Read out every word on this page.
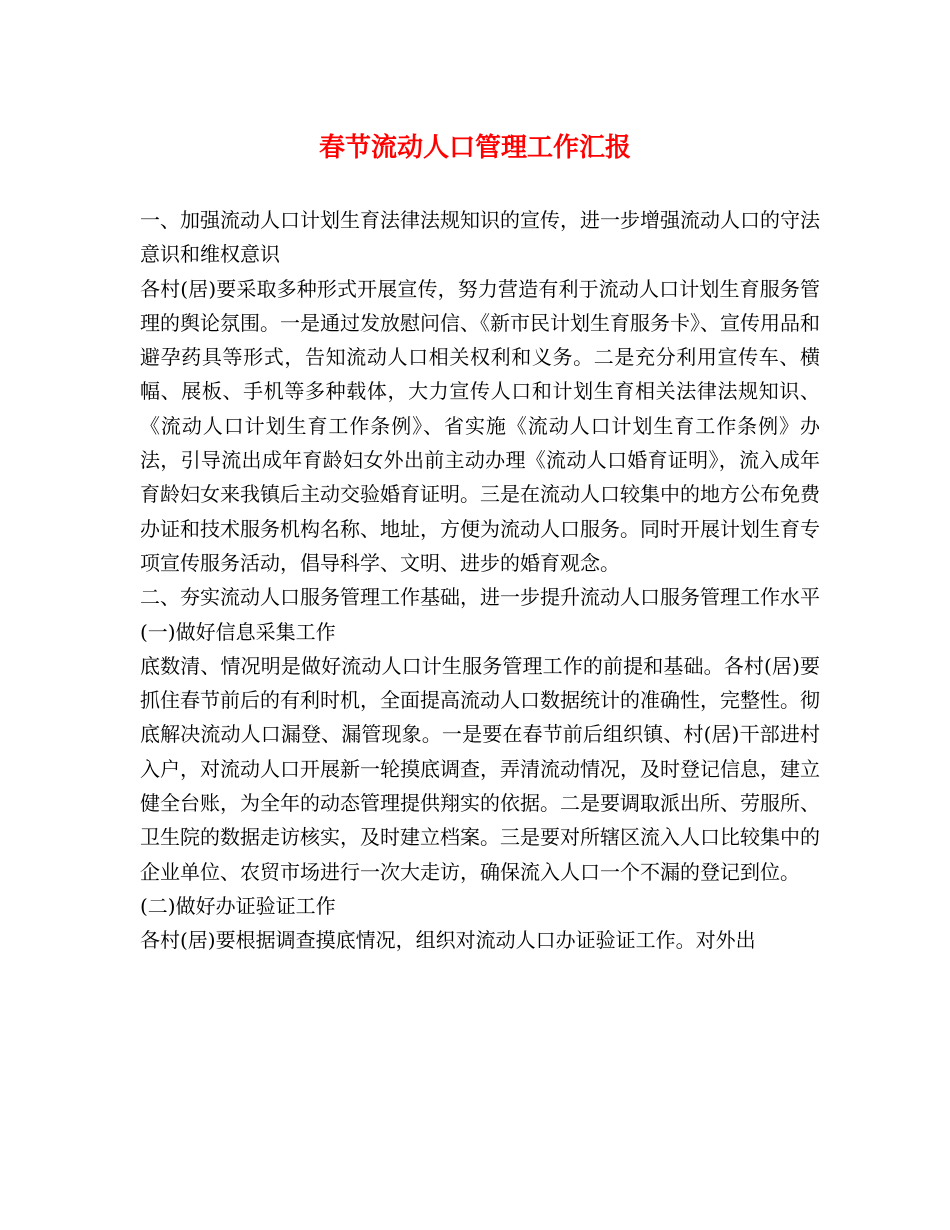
春节流动人口管理工作汇报

一、加强流动人口计划生育法律法规知识的宣传，进一步增强流动人口的守法意识和维权意识

各村(居)要采取多种形式开展宣传，努力营造有利于流动人口计划生育服务管理的舆论氛围。一是通过发放慰问信、《新市民计划生育服务卡》、宣传用品和避孕药具等形式，告知流动人口相关权利和义务。二是充分利用宣传车、横幅、展板、手机等多种载体，大力宣传人口和计划生育相关法律法规知识、《流动人口计划生育工作条例》、省实施《流动人口计划生育工作条例》办法，引导流出成年育龄妇女外出前主动办理《流动人口婚育证明》，流入成年育龄妇女来我镇后主动交验婚育证明。三是在流动人口较集中的地方公布免费办证和技术服务机构名称、地址，方便为流动人口服务。同时开展计划生育专项宣传服务活动，倡导科学、文明、进步的婚育观念。

二、夯实流动人口服务管理工作基础，进一步提升流动人口服务管理工作水平

(一)做好信息采集工作

底数清、情况明是做好流动人口计生服务管理工作的前提和基础。各村(居)要抓住春节前后的有利时机，全面提高流动人口数据统计的准确性，完整性。彻底解决流动人口漏登、漏管现象。一是要在春节前后组织镇、村(居)干部进村入户，对流动人口开展新一轮摸底调查，弄清流动情况，及时登记信息，建立健全台账，为全年的动态管理提供翔实的依据。二是要调取派出所、劳服所、卫生院的数据走访核实，及时建立档案。三是要对所辖区流入人口比较集中的企业单位、农贸市场进行一次大走访，确保流入人口一个不漏的登记到位。

(二)做好办证验证工作

各村(居)要根据调查摸底情况，组织对流动人口办证验证工作。对外出
